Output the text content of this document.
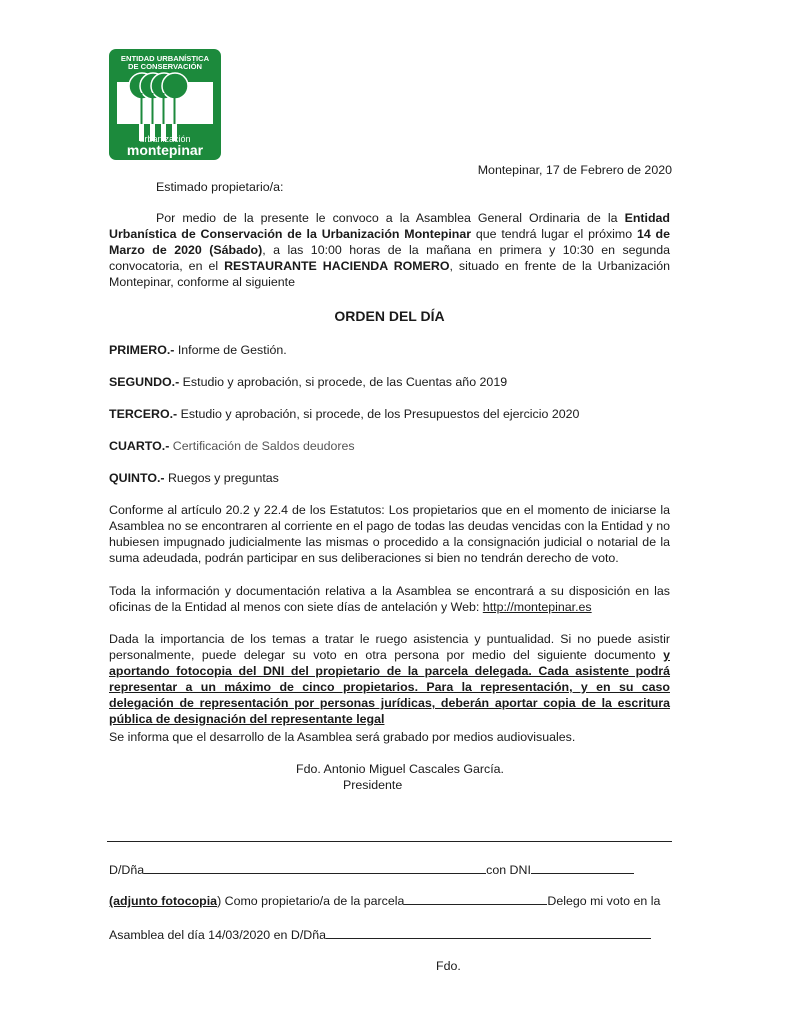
ENTIDAD URBANÍSTICA
DE CONSERVACIÓN
urbanización
montepinar
Montepinar, 17 de Febrero de 2020
Estimado propietario/a:
Por medio de la presente le convoco a la Asamblea General Ordinaria de la Entidad Urbanística de Conservación de la Urbanización Montepinar que tendrá lugar el próximo 14 de Marzo de 2020 (Sábado), a las 10:00 horas de la mañana en primera y 10:30 en segunda convocatoria, en el RESTAURANTE HACIENDA ROMERO, situado en frente de la Urbanización Montepinar, conforme al siguiente
ORDEN DEL DÍA
PRIMERO.- Informe de Gestión.
SEGUNDO.- Estudio y aprobación, si procede, de las Cuentas año 2019
TERCERO.- Estudio y aprobación, si procede, de los Presupuestos del ejercicio 2020
CUARTO.- Certificación de Saldos deudores
QUINTO.- Ruegos y preguntas
Conforme al artículo 20.2 y 22.4 de los Estatutos: Los propietarios que en el momento de iniciarse la Asamblea no se encontraren al corriente en el pago de todas las deudas vencidas con la Entidad y no hubiesen impugnado judicialmente las mismas o procedido a la consignación judicial o notarial de la suma adeudada, podrán participar en sus deliberaciones si bien no tendrán derecho de voto.
Toda la información y documentación relativa a la Asamblea se encontrará a su disposición en las oficinas de la Entidad al menos con siete días de antelación y Web: http://montepinar.es
Dada la importancia de los temas a tratar le ruego asistencia y puntualidad. Si no puede asistir personalmente, puede delegar su voto en otra persona por medio del siguiente documento y aportando fotocopia del DNI del propietario de la parcela delegada. Cada asistente podrá representar a un máximo de cinco propietarios. Para la representación, y en su caso delegación de representación por personas jurídicas, deberán aportar copia de la escritura pública de designación del representante legal
Se informa que el desarrollo de la Asamblea será grabado por medios audiovisuales.
Fdo. Antonio Miguel Cascales García.
Presidente
D/Dña	con DNI
(adjunto fotocopia) Como propietario/a de la parcela	Delego mi voto en la
Asamblea del día 14/03/2020 en D/Dña
Fdo.
